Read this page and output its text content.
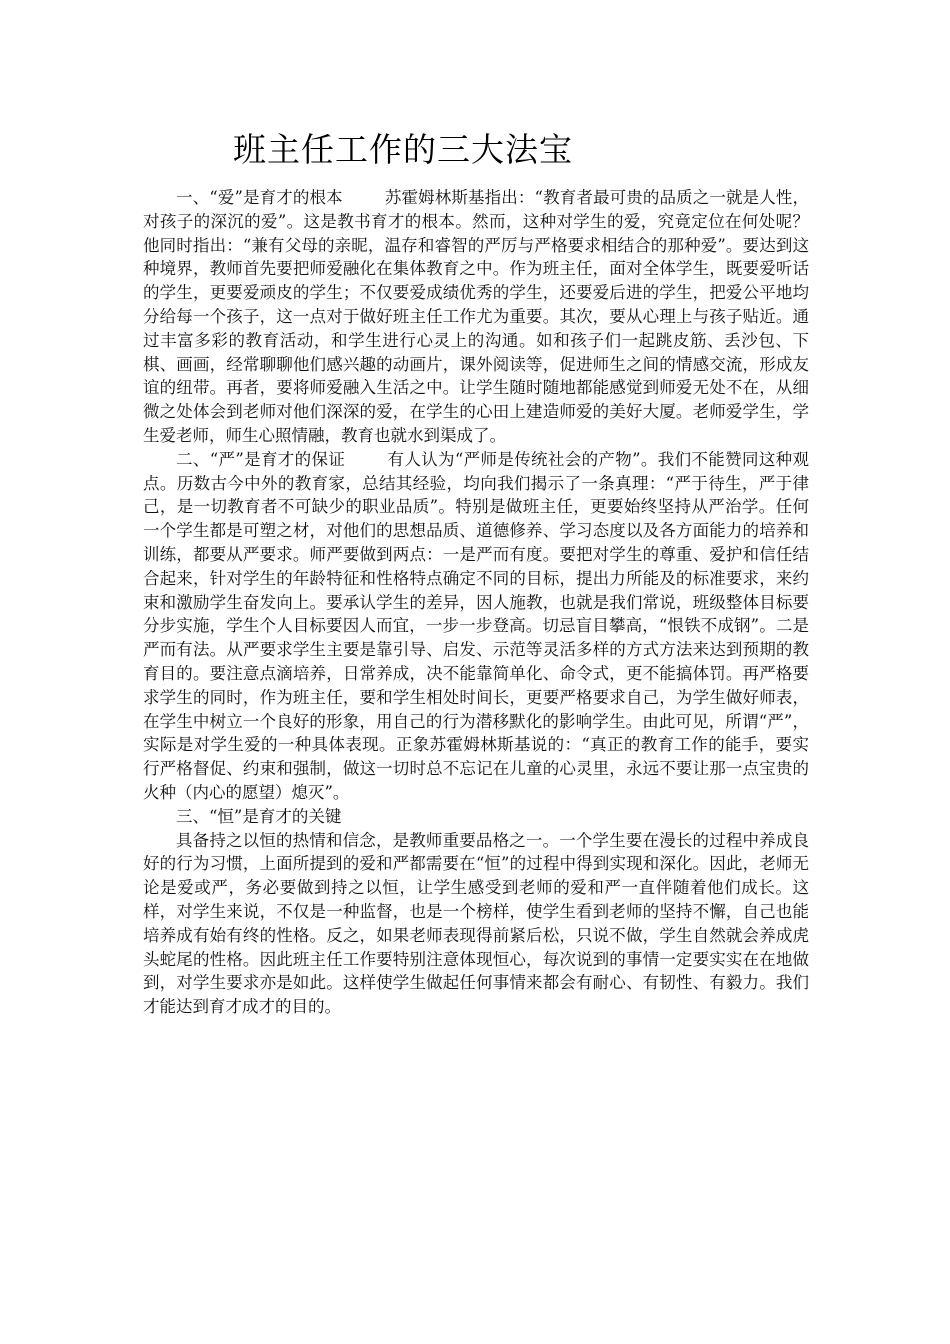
班主任工作的三大法宝

一、“爱”是育才的根本	苏霍姆林斯基指出：“教育者最可贵的品质之一就是人性，对孩子的深沉的爱”。这是教书育才的根本。然而，这种对学生的爱，究竟定位在何处呢？他同时指出：“兼有父母的亲昵，温存和睿智的严厉与严格要求相结合的那种爱”。要达到这种境界，教师首先要把师爱融化在集体教育之中。作为班主任，面对全体学生，既要爱听话的学生，更要爱顽皮的学生；不仅要爱成绩优秀的学生，还要爱后进的学生，把爱公平地均分给每一个孩子，这一点对于做好班主任工作尤为重要。其次，要从心理上与孩子贴近。通过丰富多彩的教育活动，和学生进行心灵上的沟通。如和孩子们一起跳皮筋、丢沙包、下棋、画画，经常聊聊他们感兴趣的动画片，课外阅读等，促进师生之间的情感交流，形成友谊的纽带。再者，要将师爱融入生活之中。让学生随时随地都能感觉到师爱无处不在，从细微之处体会到老师对他们深深的爱，在学生的心田上建造师爱的美好大厦。老师爱学生，学生爱老师，师生心照情融，教育也就水到渠成了。

二、“严”是育才的保证	有人认为“严师是传统社会的产物”。我们不能赞同这种观点。历数古今中外的教育家，总结其经验，均向我们揭示了一条真理：“严于待生，严于律己，是一切教育者不可缺少的职业品质”。特别是做班主任，更要始终坚持从严治学。任何一个学生都是可塑之材，对他们的思想品质、道德修养、学习态度以及各方面能力的培养和训练，都要从严要求。师严要做到两点：一是严而有度。要把对学生的尊重、爱护和信任结合起来，针对学生的年龄特征和性格特点确定不同的目标，提出力所能及的标准要求，来约束和激励学生奋发向上。要承认学生的差异，因人施教，也就是我们常说，班级整体目标要分步实施，学生个人目标要因人而宜，一步一步登高。切忌盲目攀高，“恨铁不成钢”。二是严而有法。从严要求学生主要是靠引导、启发、示范等灵活多样的方式方法来达到预期的教育目的。要注意点滴培养，日常养成，决不能靠简单化、命令式，更不能搞体罚。再严格要求学生的同时，作为班主任，要和学生相处时间长，更要严格要求自己，为学生做好师表，在学生中树立一个良好的形象，用自己的行为潜移默化的影响学生。由此可见，所谓“严”，实际是对学生爱的一种具体表现。正象苏霍姆林斯基说的：“真正的教育工作的能手，要实行严格督促、约束和强制，做这一切时总不忘记在儿童的心灵里，永远不要让那一点宝贵的火种（内心的愿望）熄灭”。

三、“恒”是育才的关键

具备持之以恒的热情和信念，是教师重要品格之一。一个学生要在漫长的过程中养成良好的行为习惯，上面所提到的爱和严都需要在“恒”的过程中得到实现和深化。因此，老师无论是爱或严，务必要做到持之以恒，让学生感受到老师的爱和严一直伴随着他们成长。这样，对学生来说，不仅是一种监督，也是一个榜样，使学生看到老师的坚持不懈，自己也能培养成有始有终的性格。反之，如果老师表现得前紧后松，只说不做，学生自然就会养成虎头蛇尾的性格。因此班主任工作要特别注意体现恒心，每次说到的事情一定要实实在在地做到，对学生要求亦是如此。这样使学生做起任何事情来都会有耐心、有韧性、有毅力。我们才能达到育才成才的目的。
